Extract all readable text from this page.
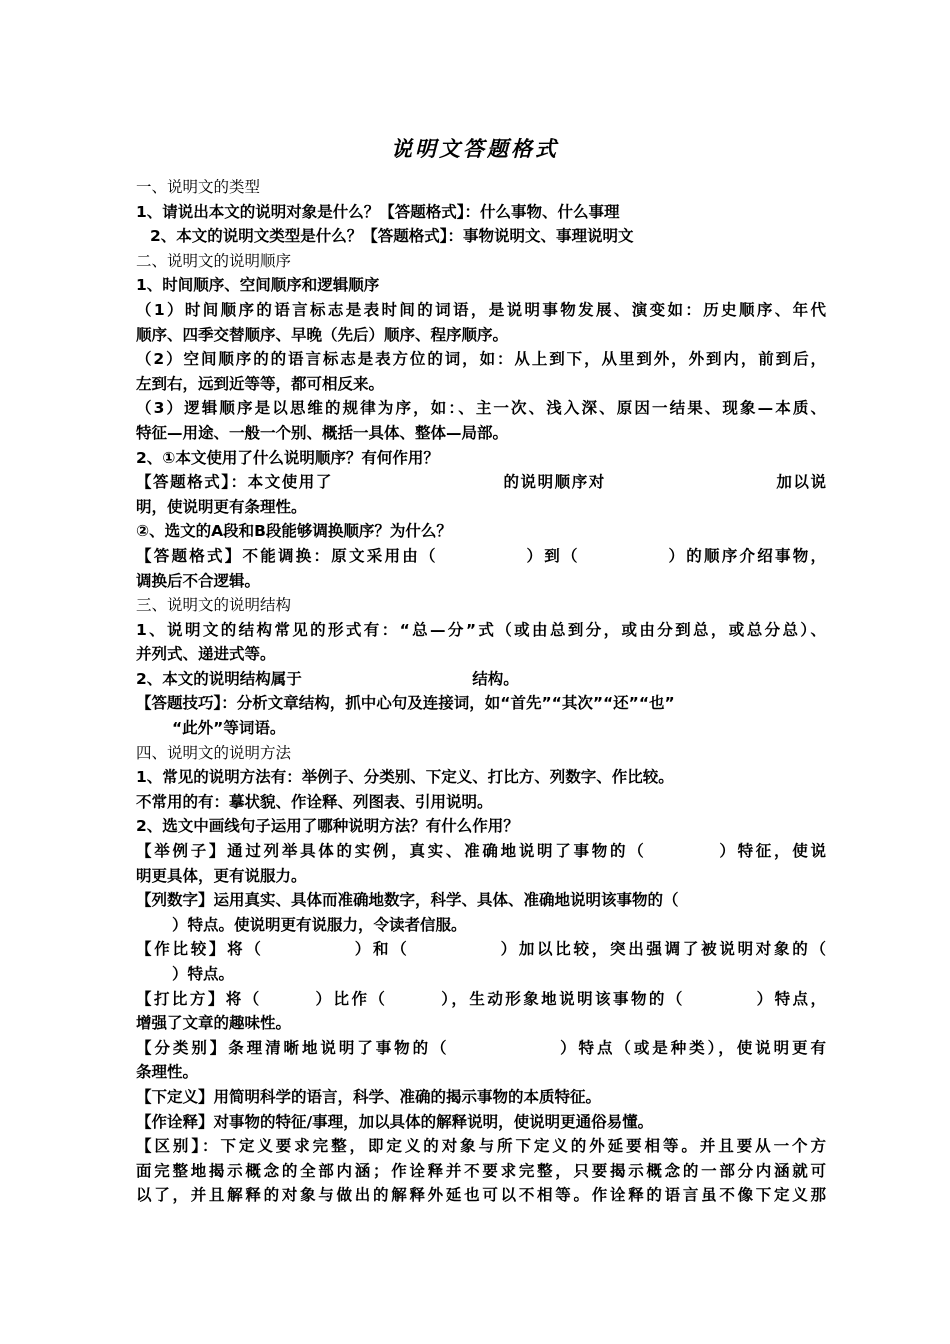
说明文答题格式

一、说明文的类型

1、请说出本文的说明对象是什么？【答题格式】：什么事物、什么事理

2、本文的说明文类型是什么？【答题格式】：事物说明文、事理说明文

二、说明文的说明顺序

1、时间顺序、空间顺序和逻辑顺序

（1）时间顺序的语言标志是表时间的词语，是说明事物发展、演变如：历史顺序、年代

顺序、四季交替顺序、早晚（先后）顺序、程序顺序。

（2）空间顺序的的语言标志是表方位的词，如：从上到下，从里到外，外到内，前到后，

左到右，远到近等等，都可相反来。

（3）逻辑顺序是以思维的规律为序，如：、主一次、浅入深、原因一结果、现象—本质、

特征—用途、一般一个别、概括一具体、整体—局部。

2、①本文使用了什么说明顺序？有何作用？

【答题格式】：本文使用了　　　　　　　　　　的说明顺序对　　　　　　　　　　加以说

明，使说明更有条理性。

②、选文的A段和B段能够调换顺序？为什么？

【答题格式】不能调换：原文采用由（　　　　　）到（　　　　　）的顺序介绍事物，

调换后不合逻辑。

三、说明文的说明结构

1、说明文的结构常见的形式有：“总—分”式（或由总到分，或由分到总，或总分总）、

并列式、递进式等。

2、本文的说明结构属于　　　　　　　　　　　结构。

【答题技巧】：分析文章结构，抓中心句及连接词，如“首先”“其次”“还”“也”

“此外”等词语。

四、说明文的说明方法

1、常见的说明方法有：举例子、分类别、下定义、打比方、列数字、作比较。

不常用的有：摹状貌、作诠释、列图表、引用说明。

2、选文中画线句子运用了哪种说明方法？有什么作用？

【举例子】通过列举具体的实例，真实、准确地说明了事物的（　　　　）特征，使说

明更具体，更有说服力。

【列数字】运用真实、具体而准确地数字，科学、具体、准确地说明该事物的（

）特点。使说明更有说服力，令读者信服。

【作比较】将（　　　　　）和（　　　　　）加以比较，突出强调了被说明对象的（

）特点。

【打比方】将（　　　）比作（　　　），生动形象地说明该事物的（　　　　）特点，

增强了文章的趣味性。

【分类别】条理清晰地说明了事物的（　　　　　　）特点（或是种类），使说明更有

条理性。

【下定义】用简明科学的语言，科学、准确的揭示事物的本质特征。

【作诠释】对事物的特征/事理，加以具体的解释说明，使说明更通俗易懂。

【区别】：下定义要求完整，即定义的对象与所下定义的外延要相等。并且要从一个方

面完整地揭示概念的全部内涵；作诠释并不要求完整，只要揭示概念的一部分内涵就可

以了，并且解释的对象与做出的解释外延也可以不相等。作诠释的语言虽不像下定义那
